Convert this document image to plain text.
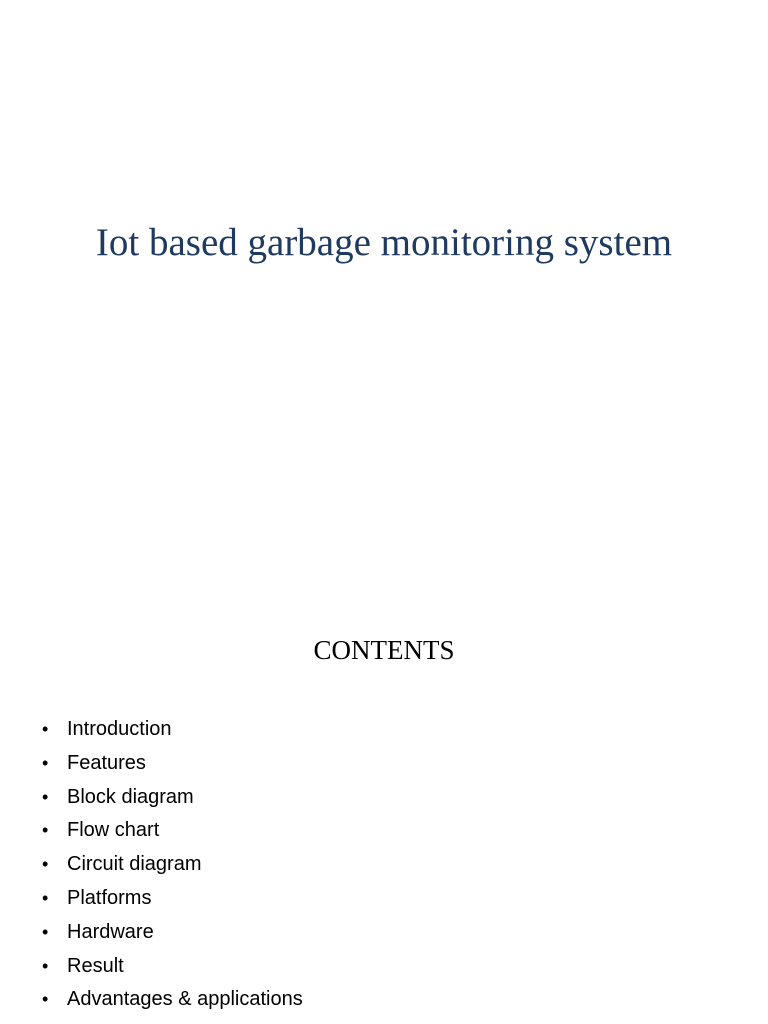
Iot based garbage monitoring system
CONTENTS
• Introduction
• Features
• Block diagram
• Flow chart
• Circuit diagram
• Platforms
• Hardware
• Result
• Advantages & applications
